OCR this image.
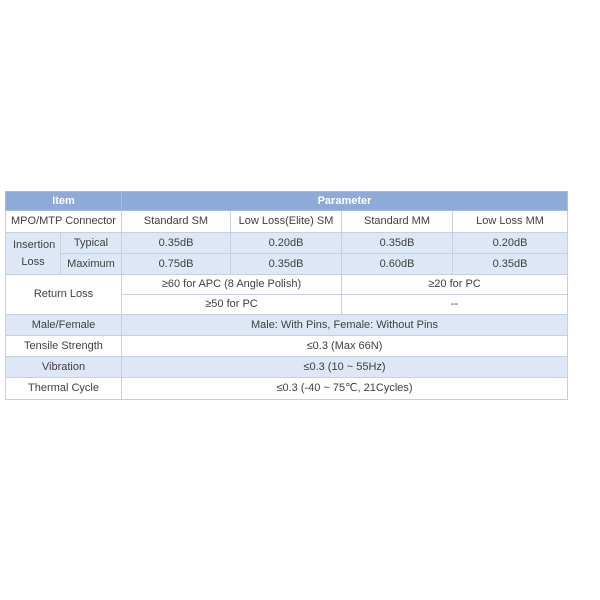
Item		Parameter			
MPO/MTP Connector		Standard SM	Low Loss(Elite) SM	Standard MM	Low Loss MM

Insertion Loss	Typical	0.35dB	0.20dB	0.35dB	0.20dB
	Maximum	0.75dB	0.35dB	0.60dB	0.35dB
Return Loss		≥60 for APC (8 Angle Polish)		≥20 for PC	
		≥50 for PC		--	
Male/Female		Male: With Pins, Female: Without Pins			
Tensile Strength		≤0.3 (Max 66N)			
Vibration		≤0.3 (10 ~ 55Hz)			
Thermal Cycle		≤0.3 (-40 ~ 75℃, 21Cycles)			
